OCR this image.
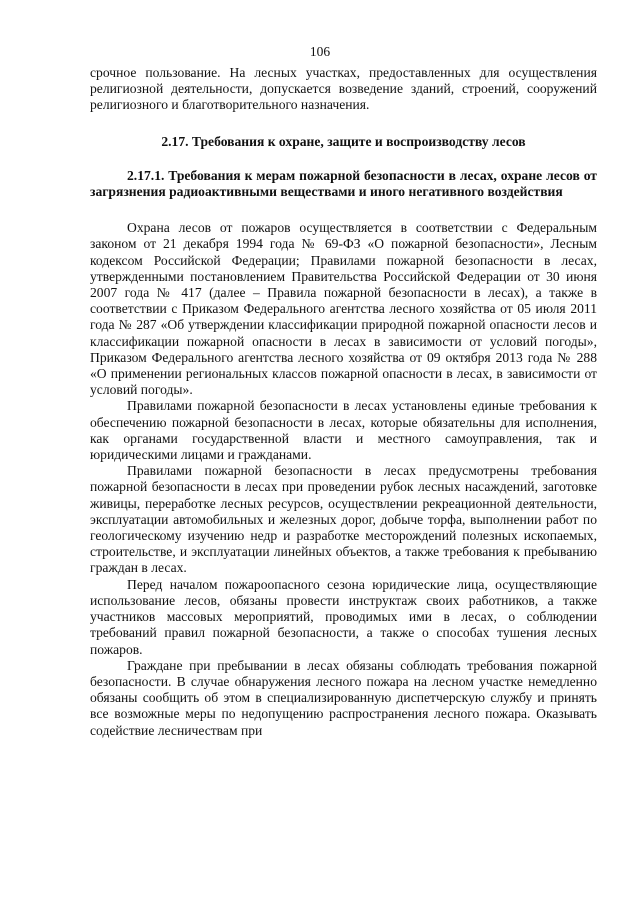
106

срочное пользование. На лесных участках, предоставленных для осуществления религиозной деятельности, допускается возведение зданий, строений, сооружений религиозного и благотворительного назначения.

2.17. Требования к охране, защите и воспроизводству лесов
2.17.1. Требования к мерам пожарной безопасности в лесах, охране лесов от загрязнения радиоактивными веществами и иного негативного воздействия

Охрана лесов от пожаров осуществляется в соответствии с Федеральным законом от 21 декабря 1994 года № 69-ФЗ «О пожарной безопасности», Лесным кодексом Российской Федерации; Правилами пожарной безопасности в лесах, утвержденными постановлением Правительства Российской Федерации от 30 июня 2007 года № 417 (далее – Правила пожарной безопасности в лесах), а также в соответствии с Приказом Федерального агентства лесного хозяйства от 05 июля 2011 года № 287 «Об утверждении классификации природной пожарной опасности лесов и классификации пожарной опасности в лесах в зависимости от условий погоды», Приказом Федерального агентства лесного хозяйства от 09 октября 2013 года № 288 «О применении региональных классов пожарной опасности в лесах, в зависимости от условий погоды».

Правилами пожарной безопасности в лесах установлены единые требования к обеспечению пожарной безопасности в лесах, которые обязательны для исполнения, как органами государственной власти и местного самоуправления, так и юридическими лицами и гражданами.

Правилами пожарной безопасности в лесах предусмотрены требования пожарной безопасности в лесах при проведении рубок лесных насаждений, заготовке живицы, переработке лесных ресурсов, осуществлении рекреационной деятельности, эксплуатации автомобильных и железных дорог, добыче торфа, выполнении работ по геологическому изучению недр и разработке месторождений полезных ископаемых, строительстве, и эксплуатации линейных объектов, а также требования к пребыванию граждан в лесах.

Перед началом пожароопасного сезона юридические лица, осуществляющие использование лесов, обязаны провести инструктаж своих работников, а также участников массовых мероприятий, проводимых ими в лесах, о соблюдении требований правил пожарной безопасности, а также о способах тушения лесных пожаров.

Граждане при пребывании в лесах обязаны соблюдать требования пожарной безопасности. В случае обнаружения лесного пожара на лесном участке немедленно обязаны сообщить об этом в специализированную диспетчерскую службу и принять все возможные меры по недопущению распространения лесного пожара. Оказывать содействие лесничествам при
